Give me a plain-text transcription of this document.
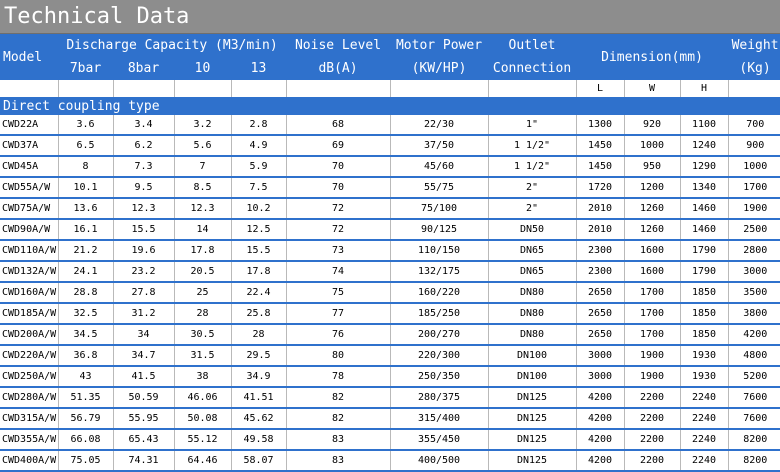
Technical Data
Model	Discharge Capacity (M3/min)				Noise Level	Motor Power	Outlet	Dimension(mm)			Weight
	7bar	8bar	10	13	dB(A)	(KW/HP)	Connection				(Kg)
								L	W	H	
Direct coupling type											
CWD22A	3.6	3.4	3.2	2.8	68	22/30	1"	1300	920	1100	700
CWD37A	6.5	6.2	5.6	4.9	69	37/50	1 1/2"	1450	1000	1240	900
CWD45A	8	7.3	7	5.9	70	45/60	1 1/2"	1450	950	1290	1000
CWD55A/W	10.1	9.5	8.5	7.5	70	55/75	2"	1720	1200	1340	1700
CWD75A/W	13.6	12.3	12.3	10.2	72	75/100	2"	2010	1260	1460	1900
CWD90A/W	16.1	15.5	14	12.5	72	90/125	DN50	2010	1260	1460	2500
CWD110A/W	21.2	19.6	17.8	15.5	73	110/150	DN65	2300	1600	1790	2800
CWD132A/W	24.1	23.2	20.5	17.8	74	132/175	DN65	2300	1600	1790	3000
CWD160A/W	28.8	27.8	25	22.4	75	160/220	DN80	2650	1700	1850	3500
CWD185A/W	32.5	31.2	28	25.8	77	185/250	DN80	2650	1700	1850	3800
CWD200A/W	34.5	34	30.5	28	76	200/270	DN80	2650	1700	1850	4200
CWD220A/W	36.8	34.7	31.5	29.5	80	220/300	DN100	3000	1900	1930	4800
CWD250A/W	43	41.5	38	34.9	78	250/350	DN100	3000	1900	1930	5200
CWD280A/W	51.35	50.59	46.06	41.51	82	280/375	DN125	4200	2200	2240	7600
CWD315A/W	56.79	55.95	50.08	45.62	82	315/400	DN125	4200	2200	2240	7600
CWD355A/W	66.08	65.43	55.12	49.58	83	355/450	DN125	4200	2200	2240	8200
CWD400A/W	75.05	74.31	64.46	58.07	83	400/500	DN125	4200	2200	2240	8200
